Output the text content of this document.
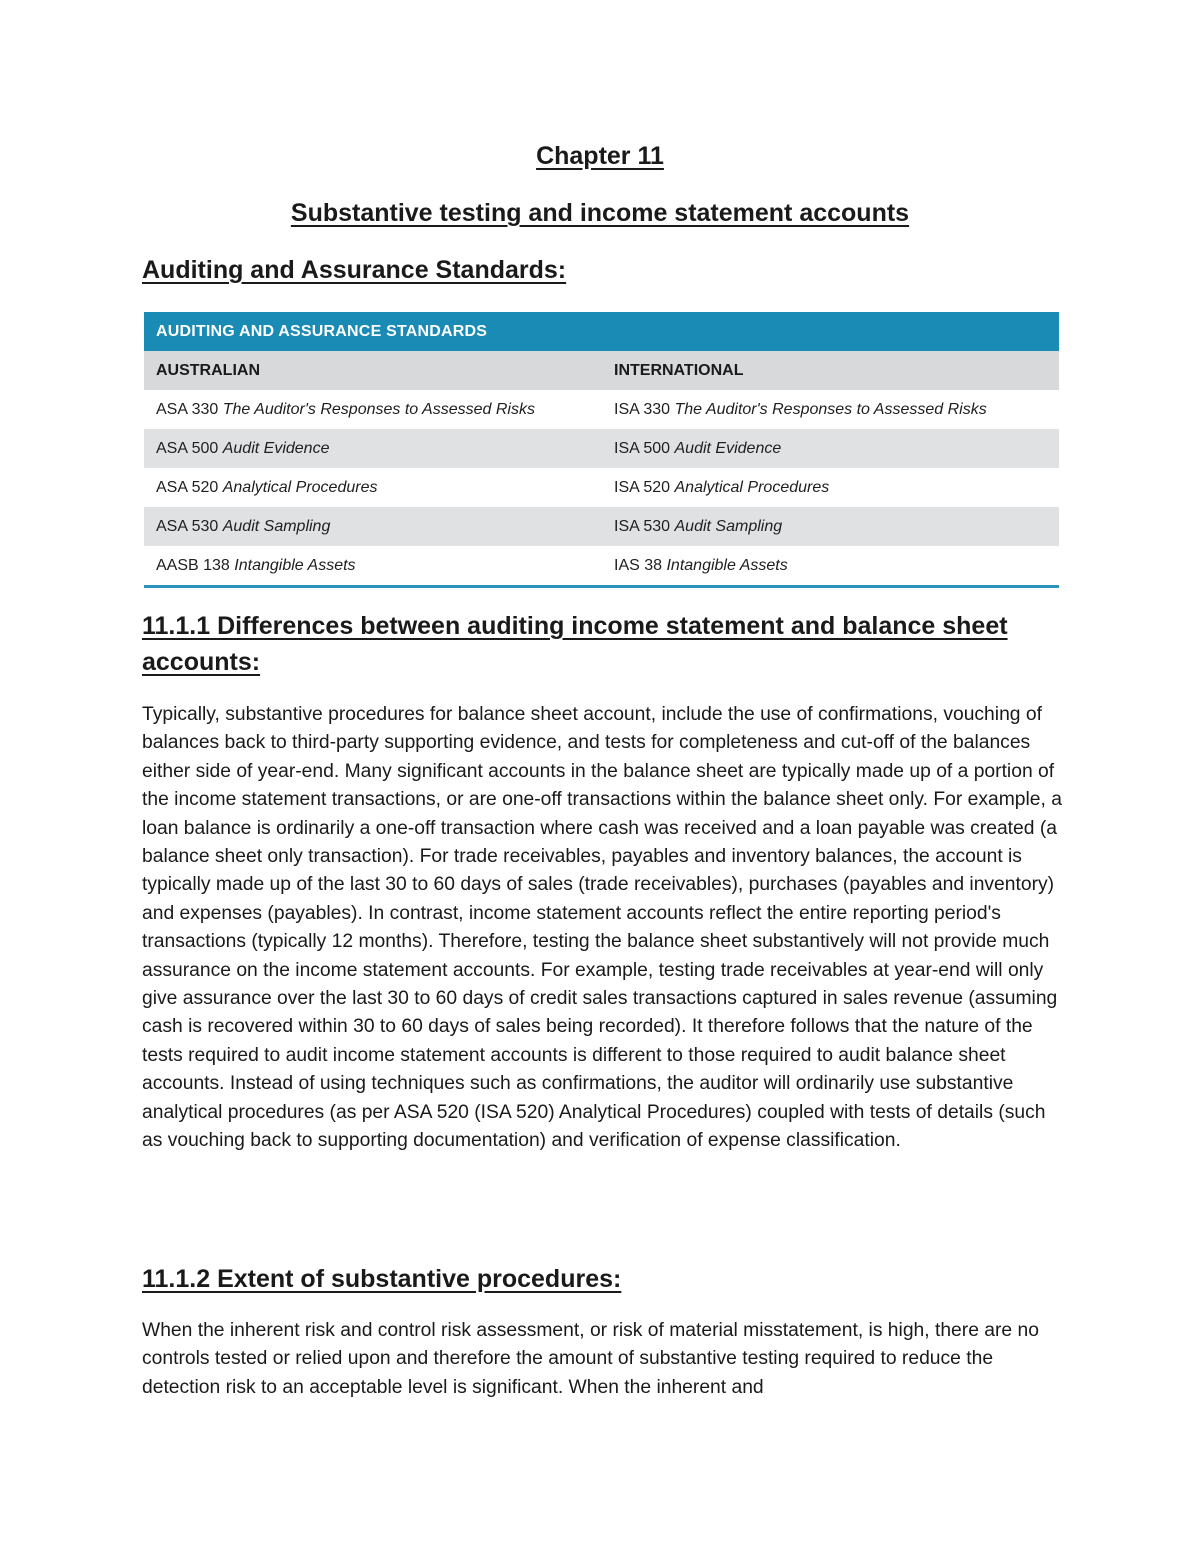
Chapter 11
Substantive testing and income statement accounts
Auditing and Assurance Standards:
AUDITING AND ASSURANCE STANDARDS	
AUSTRALIAN	INTERNATIONAL
ASA 330 The Auditor's Responses to Assessed Risks	ISA 330 The Auditor's Responses to Assessed Risks
ASA 500 Audit Evidence	ISA 500 Audit Evidence
ASA 520 Analytical Procedures	ISA 520 Analytical Procedures
ASA 530 Audit Sampling	ISA 530 Audit Sampling
AASB 138 Intangible Assets	IAS 38 Intangible Assets
11.1.1 Differences between auditing income statement and balance sheet accounts:

Typically, substantive procedures for balance sheet account, include the use of confirmations, vouching of balances back to third-party supporting evidence, and tests for completeness and cut-off of the balances either side of year-end. Many significant accounts in the balance sheet are typically made up of a portion of the income statement transactions, or are one-off transactions within the balance sheet only. For example, a loan balance is ordinarily a one-off transaction where cash was received and a loan payable was created (a balance sheet only transaction). For trade receivables, payables and inventory balances, the account is typically made up of the last 30 to 60 days of sales (trade receivables), purchases (payables and inventory) and expenses (payables). In contrast, income statement accounts reflect the entire reporting period's transactions (typically 12 months). Therefore, testing the balance sheet substantively will not provide much assurance on the income statement accounts. For example, testing trade receivables at year-end will only give assurance over the last 30 to 60 days of credit sales transactions captured in sales revenue (assuming cash is recovered within 30 to 60 days of sales being recorded). It therefore follows that the nature of the tests required to audit income statement accounts is different to those required to audit balance sheet accounts. Instead of using techniques such as confirmations, the auditor will ordinarily use substantive analytical procedures (as per ASA 520 (ISA 520) Analytical Procedures) coupled with tests of details (such as vouching back to supporting documentation) and verification of expense classification.

11.1.2 Extent of substantive procedures:

When the inherent risk and control risk assessment, or risk of material misstatement, is high, there are no controls tested or relied upon and therefore the amount of substantive testing required to reduce the detection risk to an acceptable level is significant. When the inherent and
